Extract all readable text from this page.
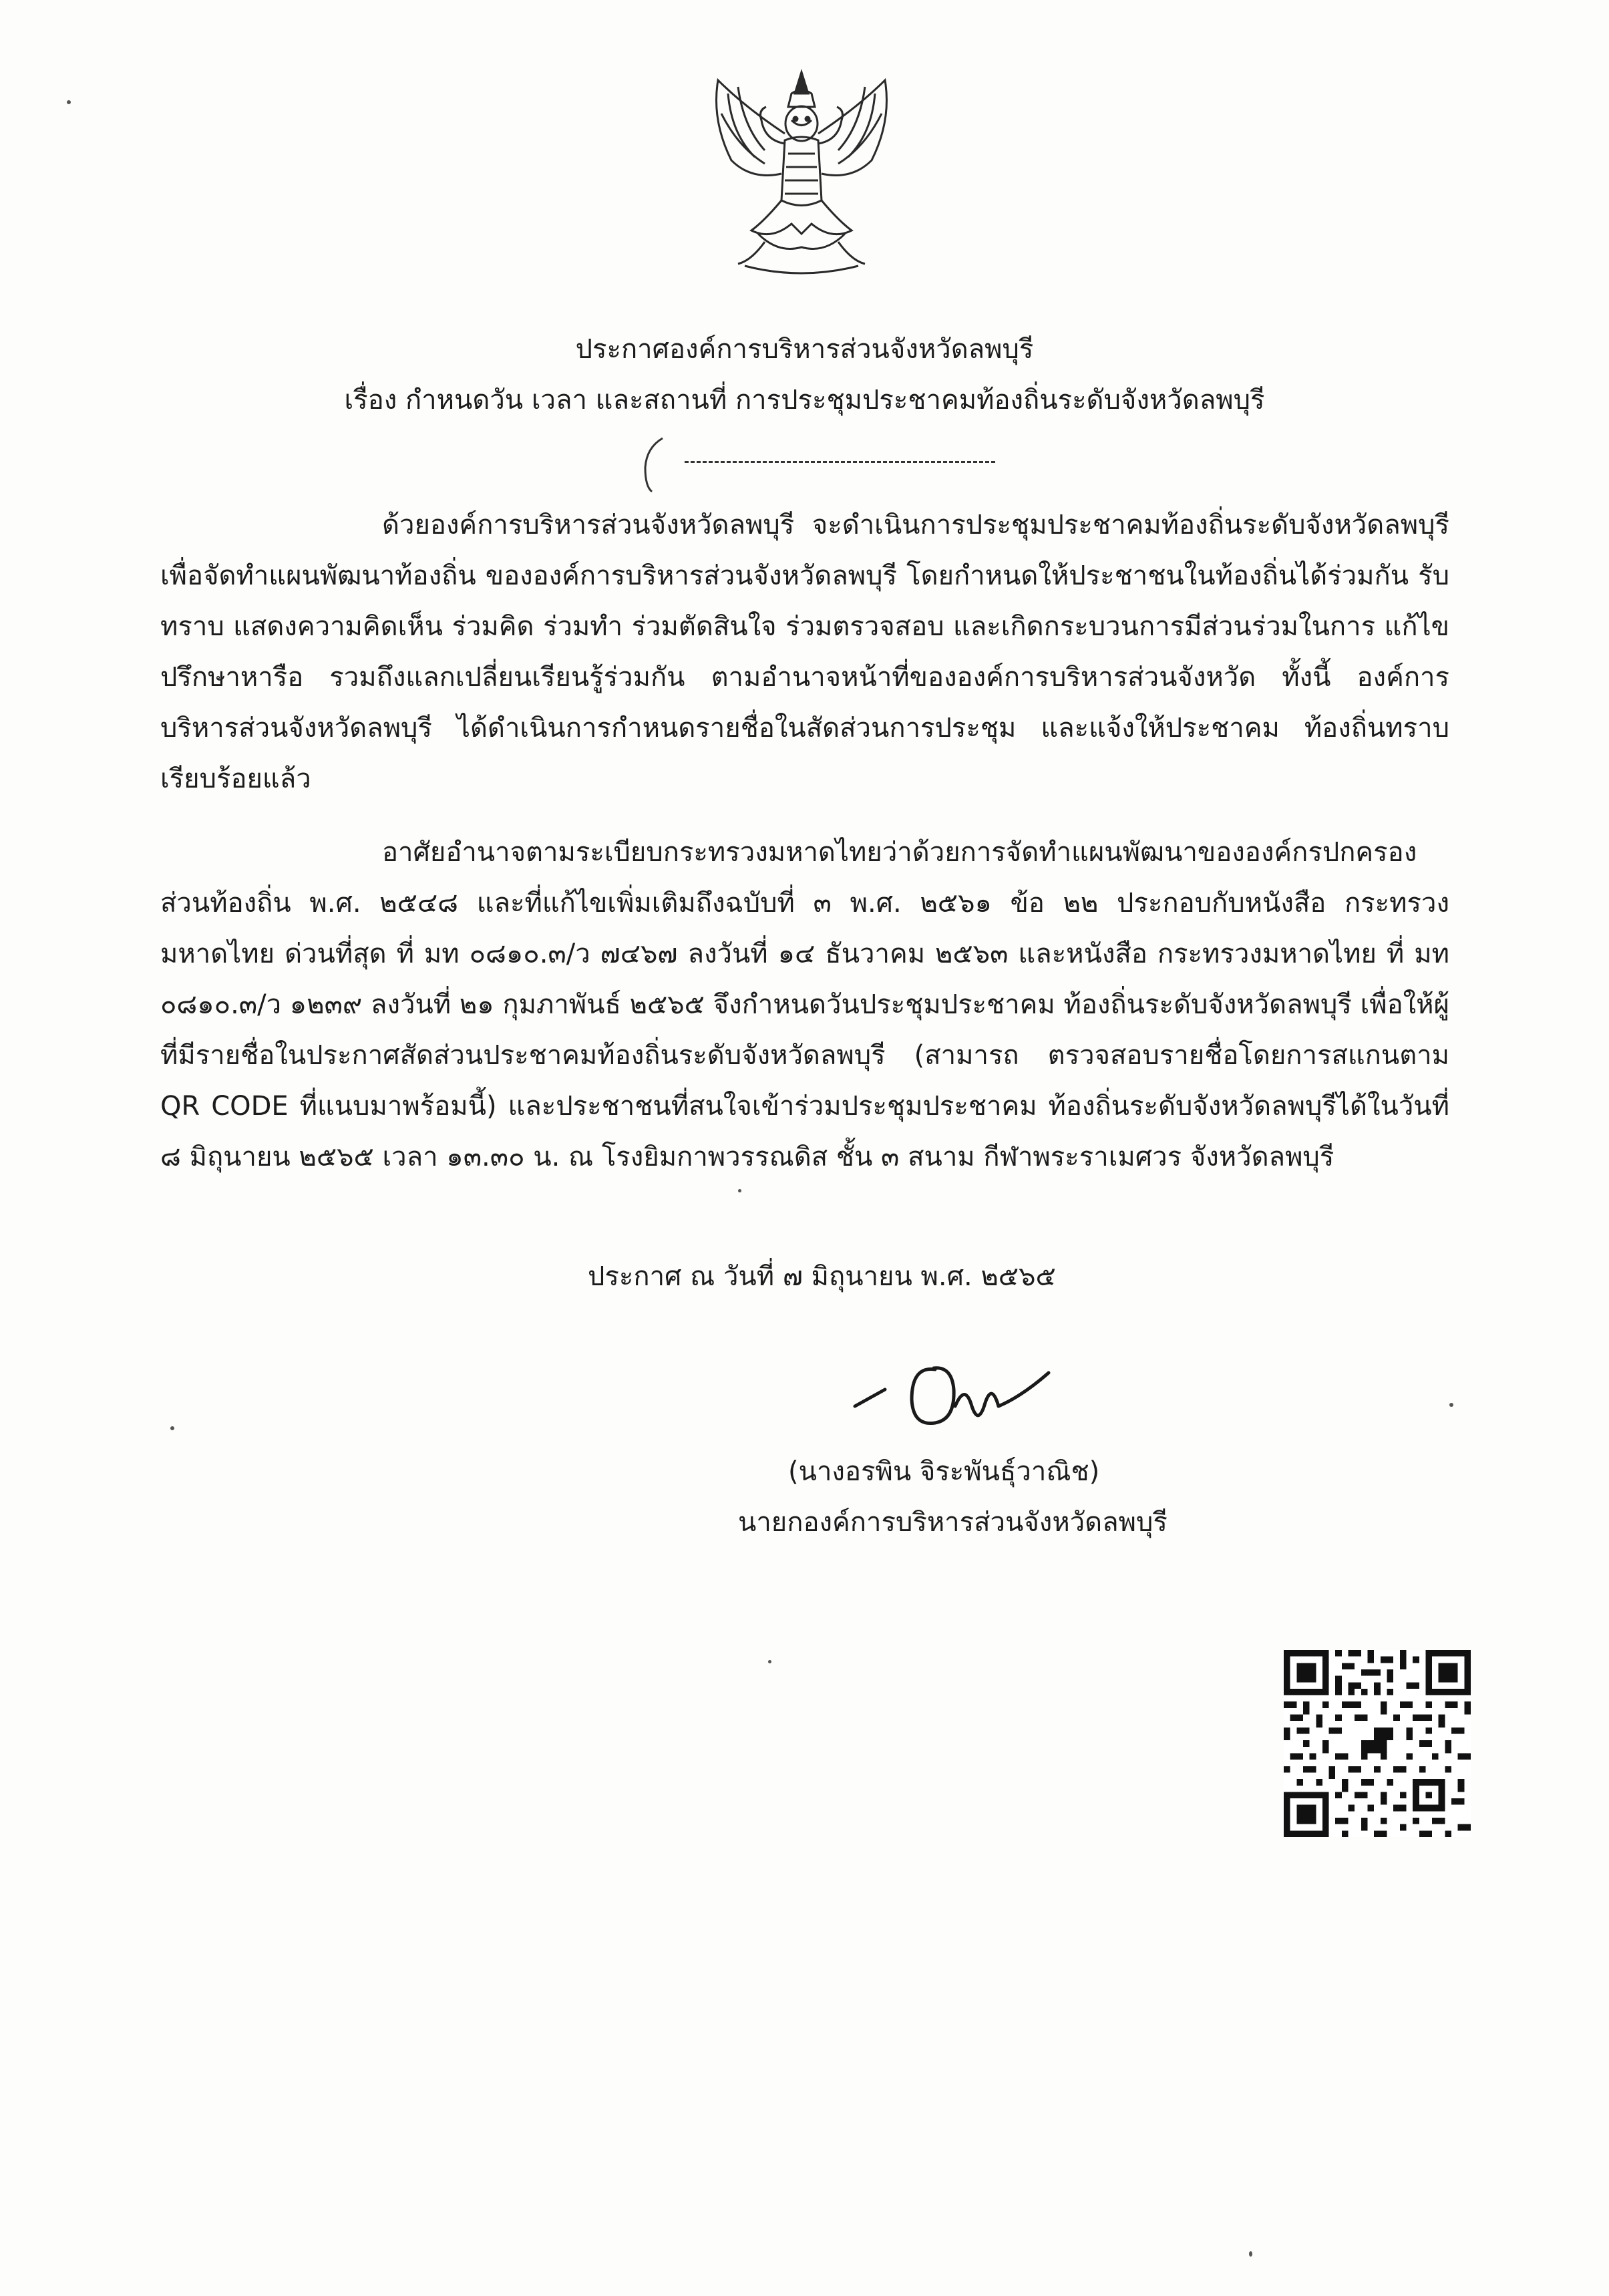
ประกาศองค์การบริหารส่วนจังหวัดลพบุรี
เรื่อง กำหนดวัน เวลา และสถานที่ การประชุมประชาคมท้องถิ่นระดับจังหวัดลพบุรี

ด้วยองค์การบริหารส่วนจังหวัดลพบุรี จะดำเนินการประชุมประชาคมท้องถิ่นระดับจังหวัดลพบุรี เพื่อจัดทำแผนพัฒนาท้องถิ่น ขององค์การบริหารส่วนจังหวัดลพบุรี โดยกำหนดให้ประชาชนในท้องถิ่นได้ร่วมกัน รับทราบ แสดงความคิดเห็น ร่วมคิด ร่วมทำ ร่วมตัดสินใจ ร่วมตรวจสอบ และเกิดกระบวนการมีส่วนร่วมในการ แก้ไข ปรึกษาหารือ รวมถึงแลกเปลี่ยนเรียนรู้ร่วมกัน ตามอำนาจหน้าที่ขององค์การบริหารส่วนจังหวัด ทั้งนี้ องค์การบริหารส่วนจังหวัดลพบุรี ได้ดำเนินการกำหนดรายชื่อในสัดส่วนการประชุม และแจ้งให้ประชาคม ท้องถิ่นทราบเรียบร้อยแล้ว

อาศัยอำนาจตามระเบียบกระทรวงมหาดไทยว่าด้วยการจัดทำแผนพัฒนาขององค์กรปกครอง ส่วนท้องถิ่น พ.ศ. ๒๕๔๘ และที่แก้ไขเพิ่มเติมถึงฉบับที่ ๓ พ.ศ. ๒๕๖๑ ข้อ ๒๒ ประกอบกับหนังสือ กระทรวงมหาดไทย ด่วนที่สุด ที่ มท ๐๘๑๐.๓/ว ๗๔๖๗ ลงวันที่ ๑๔ ธันวาคม ๒๕๖๓ และหนังสือ กระทรวงมหาดไทย ที่ มท ๐๘๑๐.๓/ว ๑๒๓๙ ลงวันที่ ๒๑ กุมภาพันธ์ ๒๕๖๕ จึงกำหนดวันประชุมประชาคม ท้องถิ่นระดับจังหวัดลพบุรี เพื่อให้ผู้ที่มีรายชื่อในประกาศสัดส่วนประชาคมท้องถิ่นระดับจังหวัดลพบุรี (สามารถ ตรวจสอบรายชื่อโดยการสแกนตาม QR CODE ที่แนบมาพร้อมนี้) และประชาชนที่สนใจเข้าร่วมประชุมประชาคม ท้องถิ่นระดับจังหวัดลพบุรีได้ในวันที่ ๘ มิถุนายน ๒๕๖๕ เวลา ๑๓.๓๐ น. ณ โรงยิมกาพวรรณดิส ชั้น ๓ สนาม กีฬาพระราเมศวร จังหวัดลพบุรี

ประกาศ ณ วันที่ ๗ มิถุนายน พ.ศ. ๒๕๖๕
(นางอรพิน จิระพันธุ์วาณิช)
นายกองค์การบริหารส่วนจังหวัดลพบุรี
